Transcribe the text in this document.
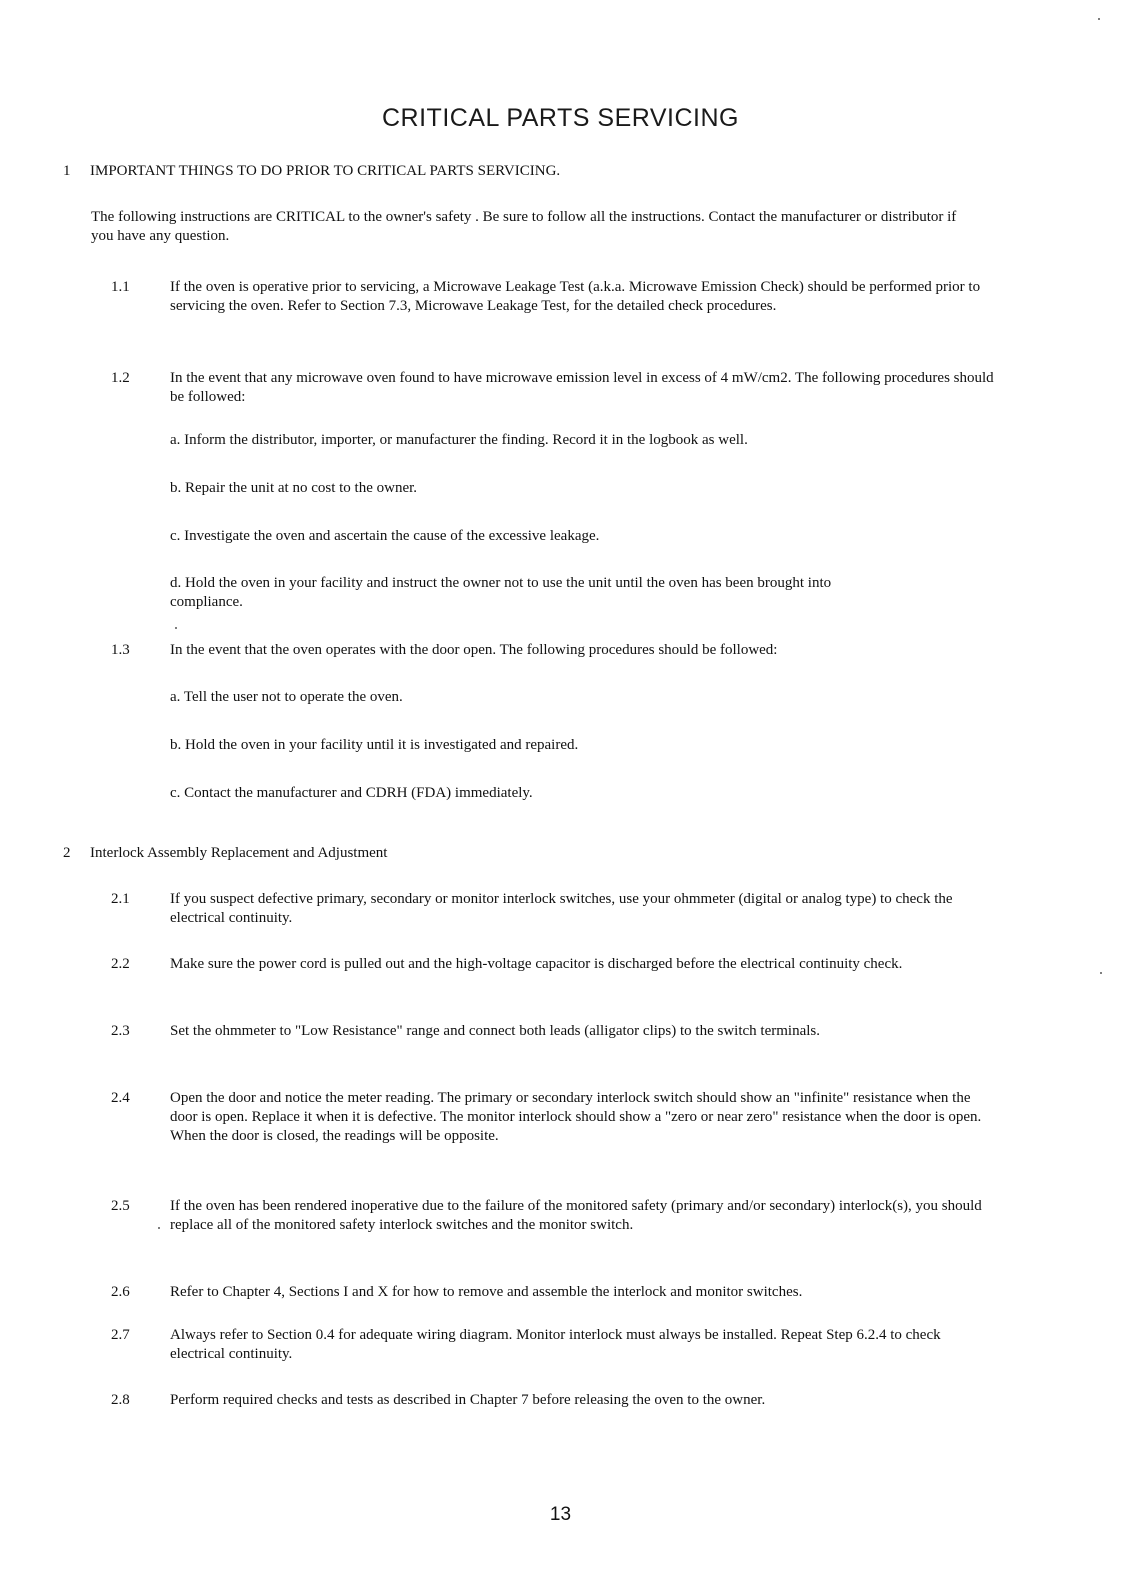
CRITICAL PARTS SERVICING
1 IMPORTANT THINGS TO DO PRIOR TO CRITICAL PARTS SERVICING.
The following instructions are CRITICAL to the owner's safety . Be sure to follow all the instructions. Contact the manufacturer or distributor if you have any question.
1.1	If the oven is operative prior to servicing, a Microwave Leakage Test (a.k.a. Microwave Emission Check) should be performed prior to servicing the oven. Refer to Section 7.3, Microwave Leakage Test, for the detailed check procedures.
1.2	In the event that any microwave oven found to have microwave emission level in excess of 4 mW/cm2. The following procedures should be followed:
a. Inform the distributor, importer, or manufacturer the finding. Record it in the logbook as well.
b. Repair the unit at no cost to the owner.
c. Investigate the oven and ascertain the cause of the excessive leakage.
d. Hold the oven in your facility and instruct the owner not to use the unit until the oven has been brought into compliance.
1.3	In the event that the oven operates with the door open. The following procedures should be followed:
a. Tell the user not to operate the oven.
b. Hold the oven in your facility until it is investigated and repaired.
c. Contact the manufacturer and CDRH (FDA) immediately.
2 Interlock Assembly Replacement and Adjustment
2.1	If you suspect defective primary, secondary or monitor interlock switches, use your ohmmeter (digital or analog type) to check the electrical continuity.
2.2	Make sure the power cord is pulled out and the high-voltage capacitor is discharged before the electrical continuity check.
2.3	Set the ohmmeter to "Low Resistance" range and connect both leads (alligator clips) to the switch terminals.
2.4	Open the door and notice the meter reading. The primary or secondary interlock switch should show an "infinite" resistance when the door is open. Replace it when it is defective. The monitor interlock should show a "zero or near zero" resistance when the door is open. When the door is closed, the readings will be opposite.
2.5	If the oven has been rendered inoperative due to the failure of the monitored safety (primary and/or secondary) interlock(s), you should replace all of the monitored safety interlock switches and the monitor switch.
2.6	Refer to Chapter 4, Sections I and X for how to remove and assemble the interlock and monitor switches.
2.7	Always refer to Section 0.4 for adequate wiring diagram. Monitor interlock must always be installed. Repeat Step 6.2.4 to check electrical continuity.
2.8	Perform required checks and tests as described in Chapter 7 before releasing the oven to the owner.
13
